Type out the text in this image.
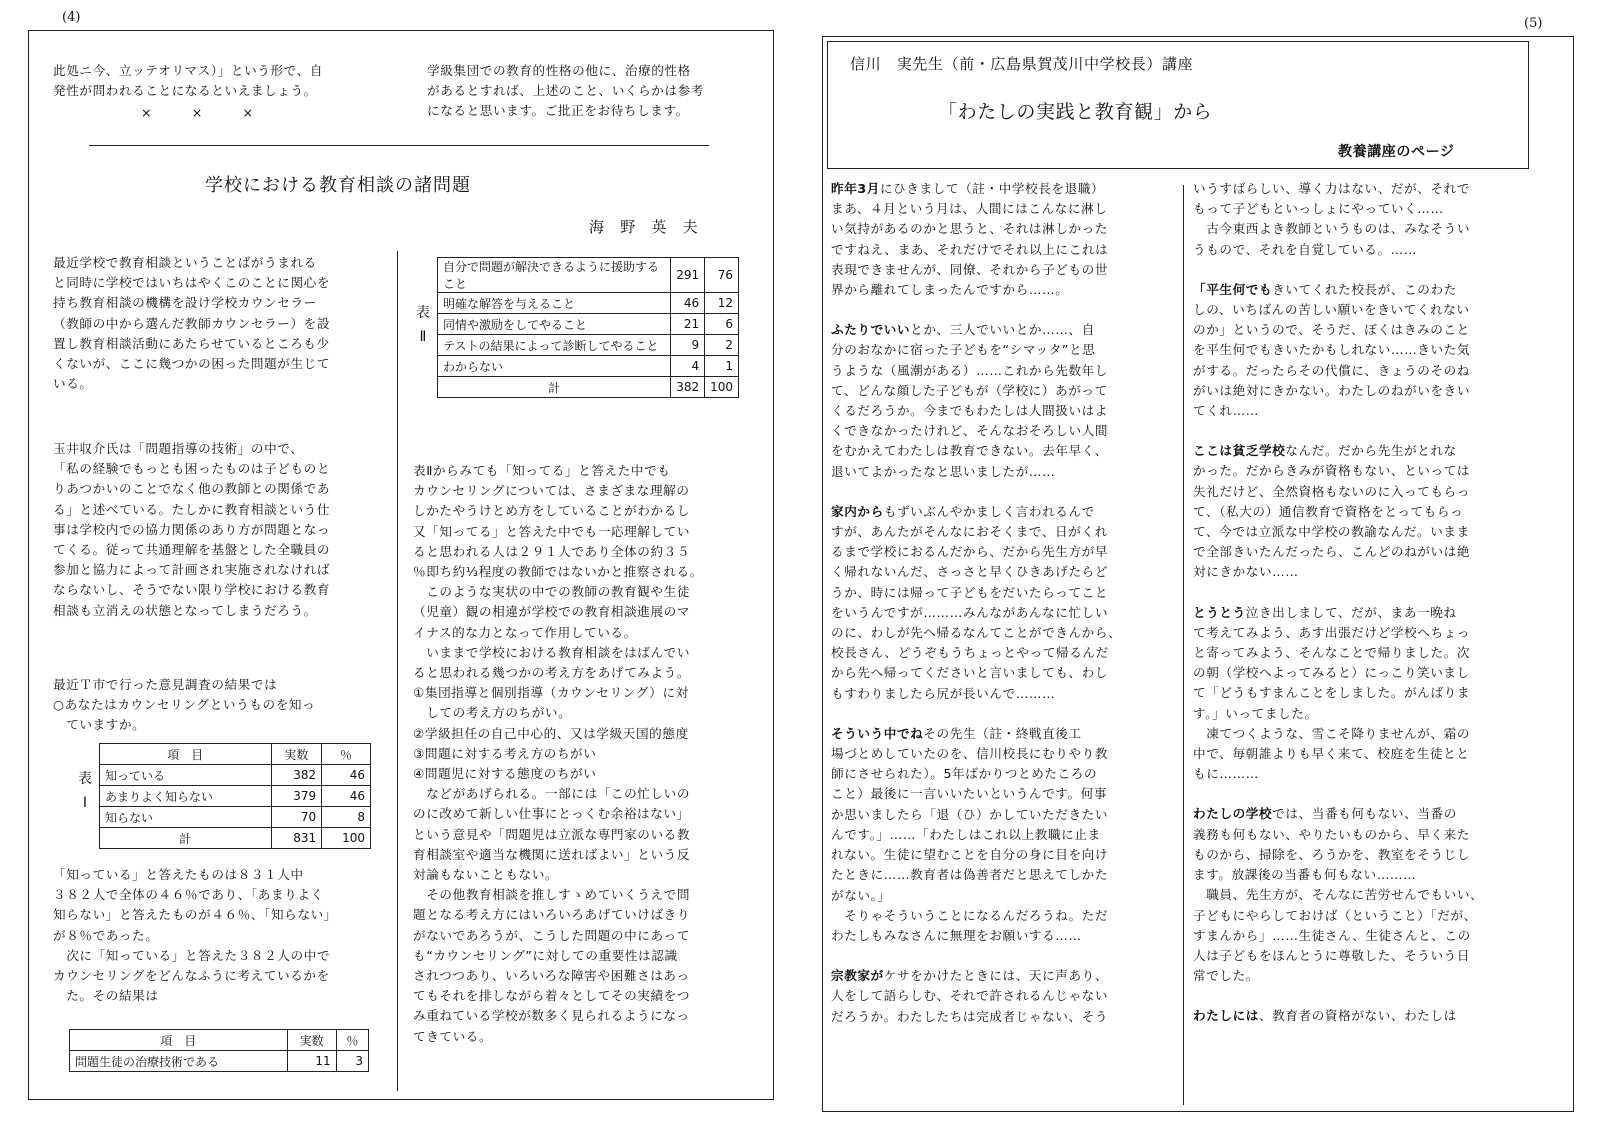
(4)

此処ニ今、立ッテオリマス）」という形で、自

発性が問われることになるといえましょう。

×　　　×　　　×

学級集団での教育的性格の他に、治療的性格

があるとすれば、上述のこと、いくらかは参考

になると思います。ご批正をお待ちします。

学校における教育相談の諸問題
海　野　英　夫

最近学校で教育相談ということばがうまれる

と同時に学校ではいちはやくこのことに関心を

持ち教育相談の機構を設け学校カウンセラー

（教師の中から選んだ教師カウンセラー）を設

置し教育相談活動にあたらせているところも少

くないが、ここに幾つかの困った問題が生じて

いる。

玉井収介氏は「問題指導の技術」の中で、

「私の経験でもっとも困ったものは子どものと

りあつかいのことでなく他の教師との関係であ

る」と述べている。たしかに教育相談という仕

事は学校内での協力関係のあり方が問題となっ

てくる。従って共通理解を基盤とした全職員の

参加と協力によって計画され実施されなければ

ならないし、そうでない限り学校における教育

相談も立消えの状態となってしまうだろう。

最近Ｔ市で行った意見調査の結果では

○あなたはカウンセリングというものを知っ

　ていますか。

表
Ⅰ
項　目	実数	％
知っている	382	46
あまりよく知らない	379	46
知らない	70	8
計	831	100

「知っている」と答えたものは８３１人中

３８２人で全体の４６％であり、「あまりよく

知らない」と答えたものが４６％、「知らない」

が８％であった。

　次に「知っている」と答えた３８２人の中で

カウンセリングをどんなふうに考えているかを

　た。その結果は

項　目	実数	％
問題生徒の治療技術である	11	3
表
Ⅱ
自分で問題が解決できるように援助すること	291	76
明確な解答を与えること	46	12
同情や激励をしてやること	21	6
テストの結果によって診断してやること	9	2
わからない	4	1
計	382	100

表Ⅱからみても「知ってる」と答えた中でも

カウンセリングについては、さまざまな理解の

しかたやうけとめ方をしていることがわかるし

又「知ってる」と答えた中でも一応理解してい

ると思われる人は２９１人であり全体の約３５

％即ち約⅓程度の教師ではないかと推察される。

　このような実状の中での教師の教育観や生徒

（児童）観の相違が学校での教育相談進展のマ

イナス的な力となって作用している。

　いままで学校における教育相談をはばんでい

ると思われる幾つかの考え方をあげてみよう。

①集団指導と個別指導（カウンセリング）に対

　しての考え方のちがい。

②学級担任の自己中心的、又は学級天国的態度

③問題に対する考え方のちがい

④問題児に対する態度のちがい

　などがあげられる。一部には「この忙しいの

のに改めて新しい仕事にとっくむ余裕はない」

という意見や「問題児は立派な専門家のいる教

育相談室や適当な機関に送ればよい」という反

対論もないこともない。

　その他教育相談を推しすゝめていくうえで問

題となる考え方にはいろいろあげていけばきり

がないであろうが、こうした問題の中にあって

も“カウンセリング”に対しての重要性は認識

されつつあり、いろいろな障害や困難さはあっ

てもそれを排しながら着々としてその実績をつ

み重ねている学校が数多く見られるようになっ

てきている。

(5)
信川　実先生（前・広島県賀茂川中学校長）講座
「わたしの実践と教育観」から
教養講座のページ

昨年3月にひきまして（註・中学校長を退職）

まあ、４月という月は、人間にはこんなに淋し

い気持があるのかと思うと、それは淋しかった

ですねえ、まあ、それだけでそれ以上にこれは

表現できませんが、同僚、それから子どもの世

界から離れてしまったんですから……。

ふたりでいいとか、三人でいいとか……、自

分のおなかに宿った子どもを“シマッタ”と思

うような（風潮がある）……これから先数年し

て、どんな顔した子どもが（学校に）あがって

くるだろうか。今までもわたしは人間扱いはよ

くできなかったけれど、そんなおそろしい人間

をむかえてわたしは教育できない。去年早く、

退いてよかったなと思いましたが……

家内からもずいぶんやかましく言われるんで

すが、あんたがそんなにおそくまで、日がくれ

るまで学校におるんだから、だから先生方が早

く帰れないんだ、さっさと早くひきあげたらど

うか、時には帰って子どもをだいたらってこと

をいうんですが………みんながあんなに忙しい

のに、わしが先へ帰るなんてことができんから、

校長さん、どうぞもうちょっとやって帰るんだ

から先へ帰ってくださいと言いましても、わし

もすわりましたら尻が長いんで………

そういう中でねその先生（註・終戦直後工

場づとめしていたのを、信川校長にむりやり教

師にさせられた）。5年ばかりつとめたころの

こと）最後に一言いいたいというんです。何事

か思いましたら「退（ひ）かしていただきたい

んです。」……「わたしはこれ以上教職に止ま

れない。生徒に望むことを自分の身に目を向け

たときに……教育者は偽善者だと思えてしかた

がない。」

　そりゃそういうことになるんだろうね。ただ

わたしもみなさんに無理をお願いする……

宗教家がケサをかけたときには、天に声あり、

人をして語らしむ、それで許されるんじゃない

だろうか。わたしたちは完成者じゃない、そう

いうすばらしい、導く力はない、だが、それで

もって子どもといっしょにやっていく……

　古今東西よき教師というものは、みなそうい

うもので、それを自覚している。……

「平生何でもきいてくれた校長が、このわた

しの、いちばんの苦しい願いをきいてくれない

のか」というので、そうだ、ぼくはきみのこと

を平生何でもきいたかもしれない……きいた気

がする。だったらその代償に、きょうのそのね

がいは絶対にきかない。わたしのねがいをきい

てくれ……

ここは貧乏学校なんだ。だから先生がとれな

かった。だからきみが資格もない、といっては

失礼だけど、全然資格もないのに入ってもらっ

て、（私大の）通信教育で資格をとってもらっ

て、今では立派な中学校の教諭なんだ。いまま

で全部きいたんだったら、こんどのねがいは絶

対にきかない……

とうとう泣き出しまして、だが、まあ一晩ね

て考えてみよう、あす出張だけど学校へちょっ

と寄ってみよう、そんなことで帰りました。次

の朝（学校へよってみると）にっこり笑いまし

て「どうもすまんことをしました。がんばりま

す。」いってました。

　凍てつくような、雪こそ降りませんが、霜の

中で、毎朝誰よりも早く来て、校庭を生徒とと

もに………

わたしの学校では、当番も何もない、当番の

義務も何もない、やりたいものから、早く来た

ものから、掃除を、ろうかを、教室をそうじし

ます。放課後の当番も何もない………

　職員、先生方が、そんなに苦労せんでもいい、

子どもにやらしておけば（ということ）「だが、

すまんから」……生徒さん、生徒さんと、この

人は子どもをほんとうに尊敬した、そういう日

常でした。

わたしには、教育者の資格がない、わたしは
